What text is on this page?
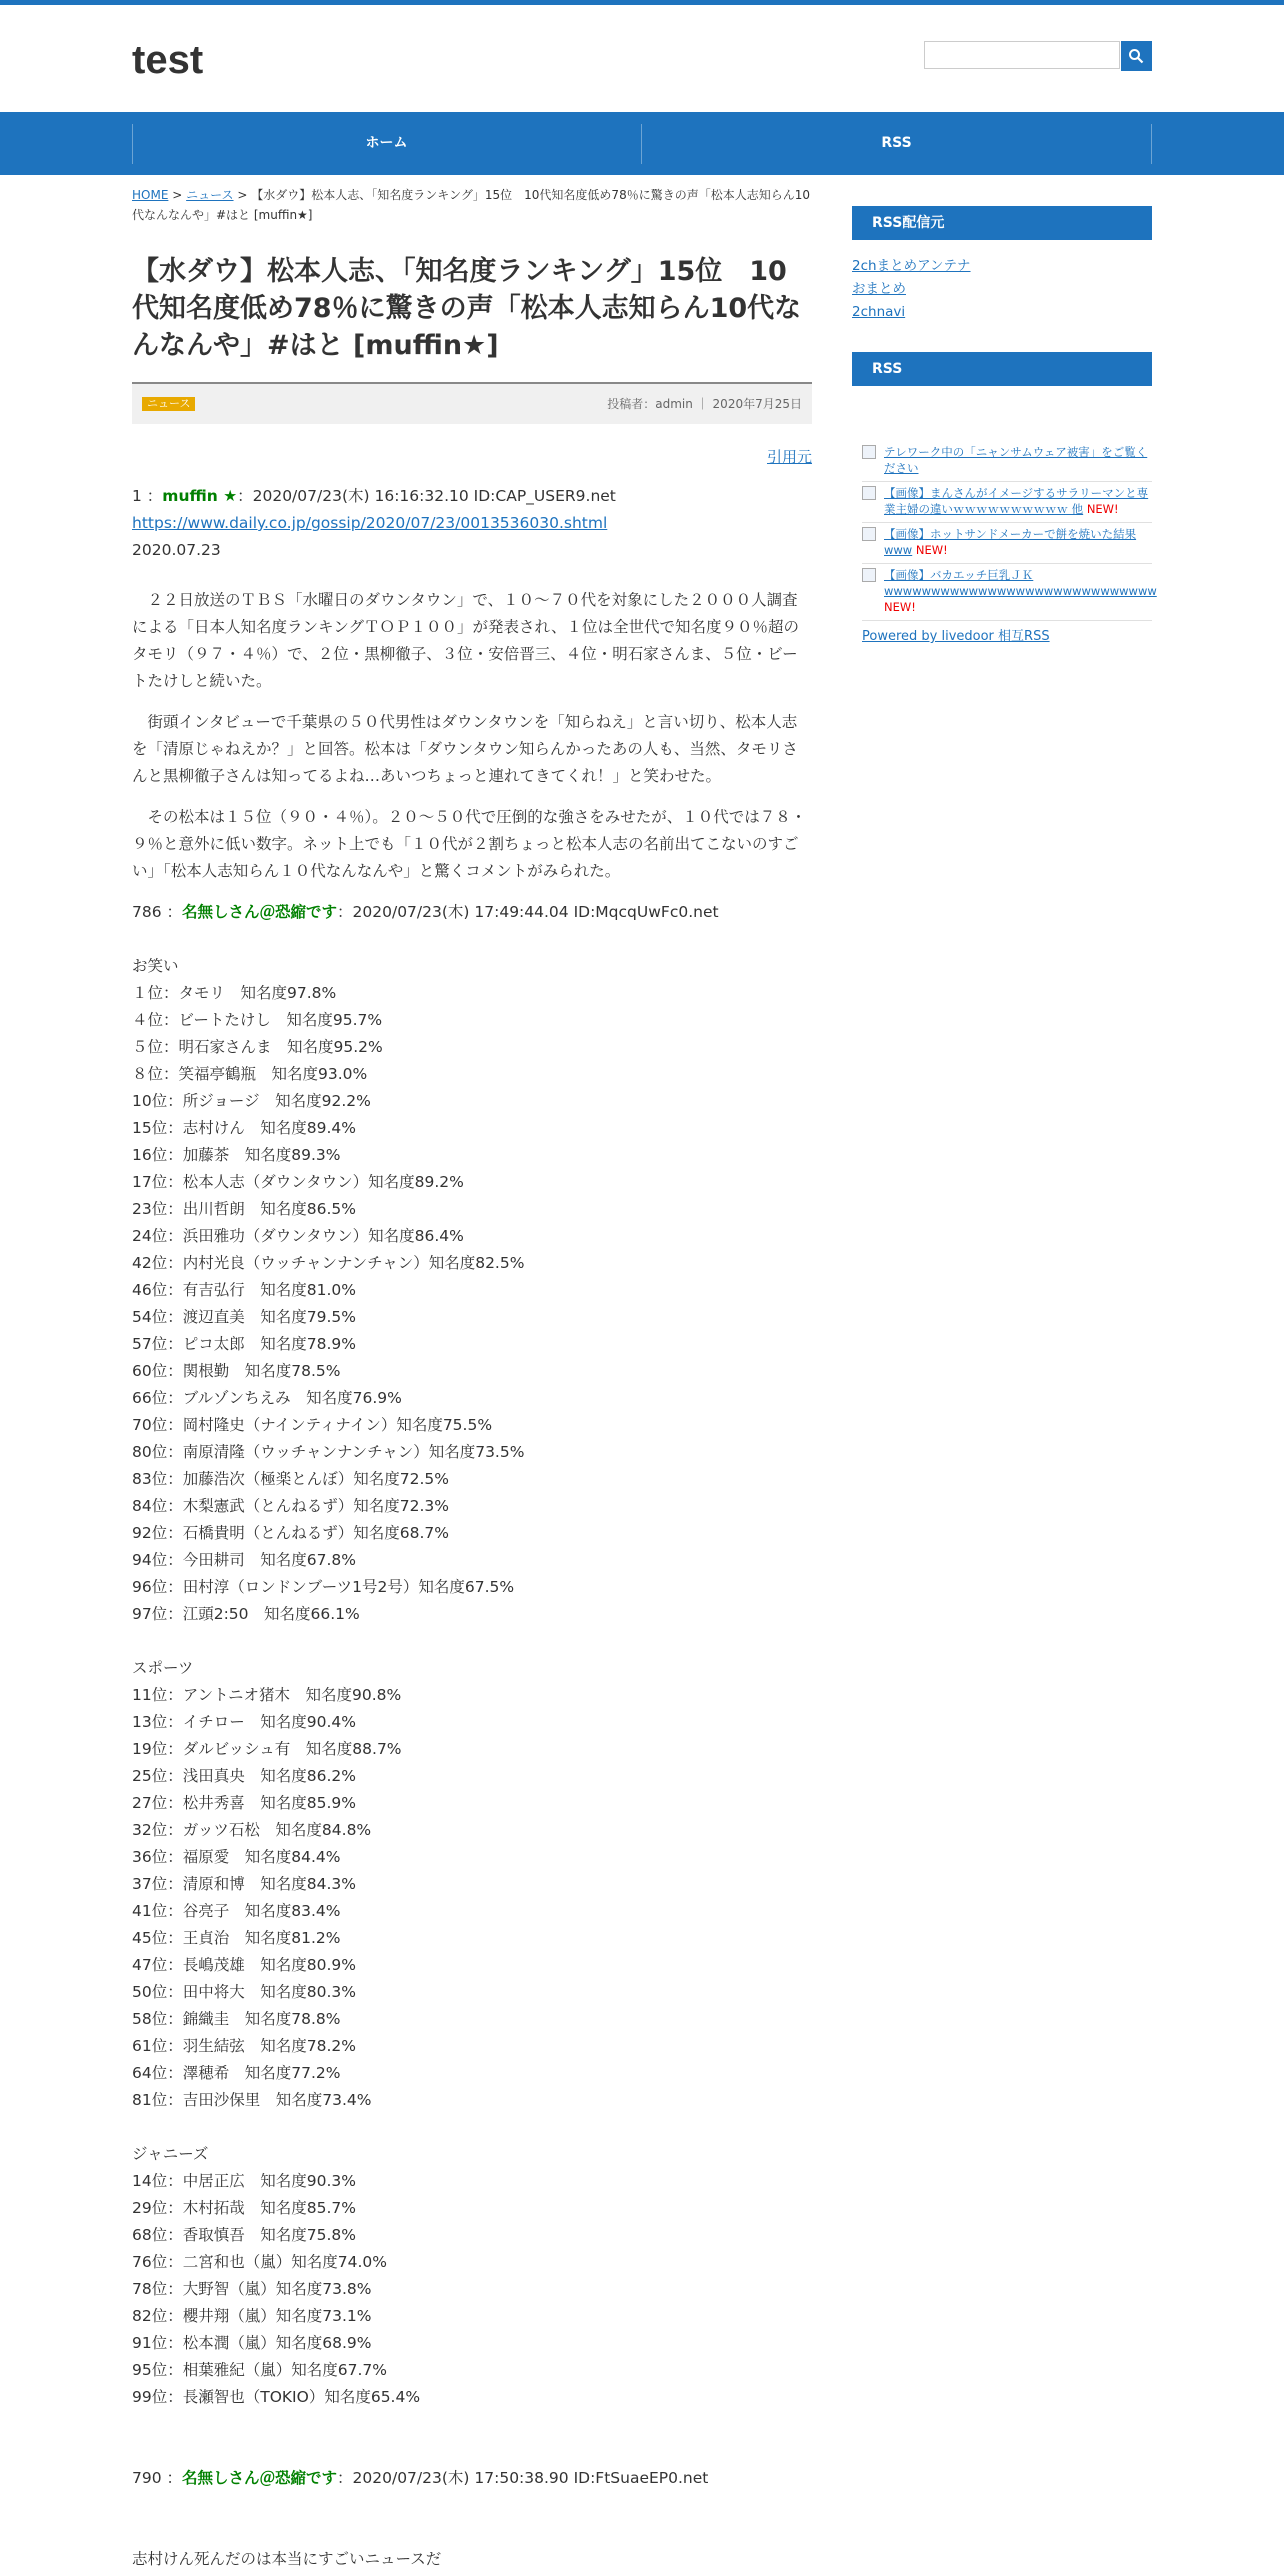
test
ホーム	RSS
HOME > ニュース > 【水ダウ】松本人志、「知名度ランキング」15位　10代知名度低め78％に驚きの声「松本人志知らん10代なんなんや」#はと [muffin★]
【水ダウ】松本人志、「知名度ランキング」15位　10代知名度低め78％に驚きの声「松本人志知らん10代なんなんや」#はと [muffin★]
ニュース	投稿者：admin ｜ 2020年7月25日
引用元

1 ：muffin ★：2020/07/23(木) 16:16:32.10 ID:CAP_USER9.net

https://www.daily.co.jp/gossip/2020/07/23/0013536030.shtml

2020.07.23

２２日放送のＴＢＳ「水曜日のダウンタウン」で、１０〜７０代を対象にした２０００人調査による「日本人知名度ランキングＴＯＰ１００」が発表され、１位は全世代で知名度９０％超のタモリ（９７・４％）で、２位・黒柳徹子、３位・安倍晋三、４位・明石家さんま、５位・ビートたけしと続いた。

街頭インタビューで千葉県の５０代男性はダウンタウンを「知らねえ」と言い切り、松本人志を「清原じゃねえか？」と回答。松本は「ダウンタウン知らんかったあの人も、当然、タモリさんと黒柳徹子さんは知ってるよね…あいつちょっと連れてきてくれ！」と笑わせた。

その松本は１５位（９０・４％）。２０〜５０代で圧倒的な強さをみせたが、１０代では７８・９％と意外に低い数字。ネット上でも「１０代が２割ちょっと松本人志の名前出てこないのすごい」「松本人志知らん１０代なんなんや」と驚くコメントがみられた。

786 ：名無しさん＠恐縮です：2020/07/23(木) 17:49:44.04 ID:MqcqUwFc0.net

お笑い

１位：タモリ　知名度97.8%

４位：ビートたけし　知名度95.7%

５位：明石家さんま　知名度95.2%

８位：笑福亭鶴瓶　知名度93.0%

10位：所ジョージ　知名度92.2%

15位：志村けん　知名度89.4%

16位：加藤茶　知名度89.3%

17位：松本人志（ダウンタウン）知名度89.2%

23位：出川哲朗　知名度86.5%

24位：浜田雅功（ダウンタウン）知名度86.4%

42位：内村光良（ウッチャンナンチャン）知名度82.5%

46位：有吉弘行　知名度81.0%

54位：渡辺直美　知名度79.5%

57位：ピコ太郎　知名度78.9%

60位：関根勤　知名度78.5%

66位：ブルゾンちえみ　知名度76.9%

70位：岡村隆史（ナインティナイン）知名度75.5%

80位：南原清隆（ウッチャンナンチャン）知名度73.5%

83位：加藤浩次（極楽とんぼ）知名度72.5%

84位：木梨憲武（とんねるず）知名度72.3%

92位：石橋貴明（とんねるず）知名度68.7%

94位：今田耕司　知名度67.8%

96位：田村淳（ロンドンブーツ1号2号）知名度67.5%

97位：江頭2:50　知名度66.1%

スポーツ

11位：アントニオ猪木　知名度90.8%

13位：イチロー　知名度90.4%

19位：ダルビッシュ有　知名度88.7%

25位：浅田真央　知名度86.2%

27位：松井秀喜　知名度85.9%

32位：ガッツ石松　知名度84.8%

36位：福原愛　知名度84.4%

37位：清原和博　知名度84.3%

41位：谷亮子　知名度83.4%

45位：王貞治　知名度81.2%

47位：長嶋茂雄　知名度80.9%

50位：田中将大　知名度80.3%

58位：錦織圭　知名度78.8%

61位：羽生結弦　知名度78.2%

64位：澤穂希　知名度77.2%

81位：吉田沙保里　知名度73.4%

ジャニーズ

14位：中居正広　知名度90.3%

29位：木村拓哉　知名度85.7%

68位：香取慎吾　知名度75.8%

76位：二宮和也（嵐）知名度74.0%

78位：大野智（嵐）知名度73.8%

82位：櫻井翔（嵐）知名度73.1%

91位：松本潤（嵐）知名度68.9%

95位：相葉雅紀（嵐）知名度67.7%

99位：長瀬智也（TOKIO）知名度65.4%

790 ：名無しさん＠恐縮です：2020/07/23(木) 17:50:38.90 ID:FtSuaeEP0.net

志村けん死んだのは本当にすごいニュースだ

RSS配信元
2chまとめアンテナ
おまとめ
2chnavi
RSS
テレワーク中の「ニャンサムウェア被害」をご覧ください
【画像】まんさんがイメージするサラリーマンと専業主婦の違いｗｗｗｗｗｗｗｗｗｗ 他 NEW!
【画像】ホットサンドメーカーで餅を焼いた結果www NEW!
【画像】バカエッチ巨乳ＪＫwwwwwwwwwwwwwwwwwwwwwwwwwwwww NEW!
Powered by livedoor 相互RSS
